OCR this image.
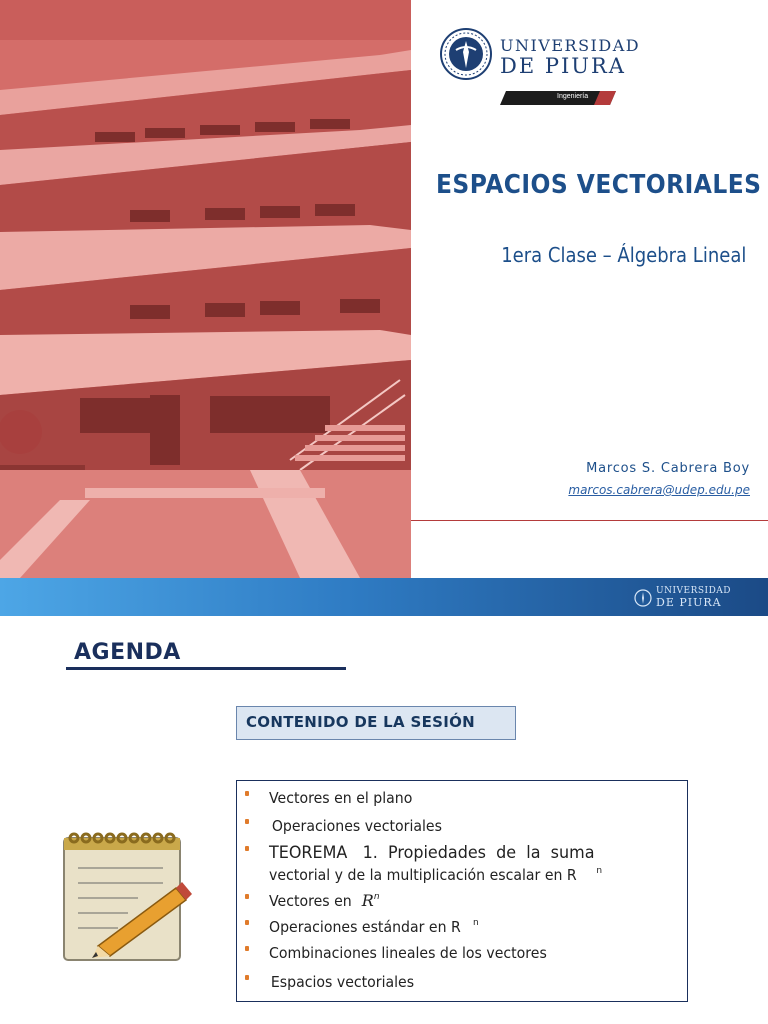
UNIVERSIDAD
DE PIURA
Ingeniería
ESPACIOS VECTORIALES
1era Clase – Álgebra Lineal
Marcos S. Cabrera Boy
marcos.cabrera@udep.edu.pe
UNIVERSIDAD
DE PIURA
AGENDA
CONTENIDO DE LA SESIÓN
Vectores en el plano
Operaciones vectoriales
TEOREMA   1.  Propiedades  de  la  suma
vectorial y de la multiplicación escalar en R $^n$
Vectores en $R^n$
Operaciones estándar en R $^n$
Combinaciones lineales de los vectores
Espacios vectoriales
